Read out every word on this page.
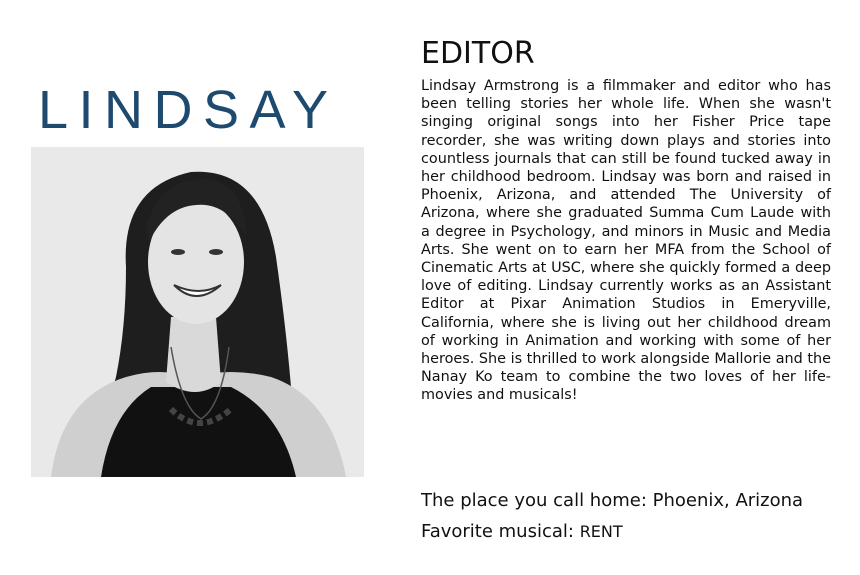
LINDSAY
EDITOR

Lindsay Armstrong is a filmmaker and editor who has been telling stories her whole life. When she wasn't singing original songs into her Fisher Price tape recorder, she was writing down plays and stories into countless journals that can still be found tucked away in her childhood bedroom. Lindsay was born and raised in Phoenix, Arizona, and attended The University of Arizona, where she graduated Summa Cum Laude with a degree in Psychology, and minors in Music and Media Arts. She went on to earn her MFA from the School of Cinematic Arts at USC, where she quickly formed a deep love of editing. Lindsay currently works as an Assistant Editor at Pixar Animation Studios in Emeryville, California, where she is living out her childhood dream of working in Animation and working with some of her heroes. She is thrilled to work alongside Mallorie and the Nanay Ko team to combine the two loves of her life- movies and musicals!

The place you call home: Phoenix, Arizona

Favorite musical: RENT
